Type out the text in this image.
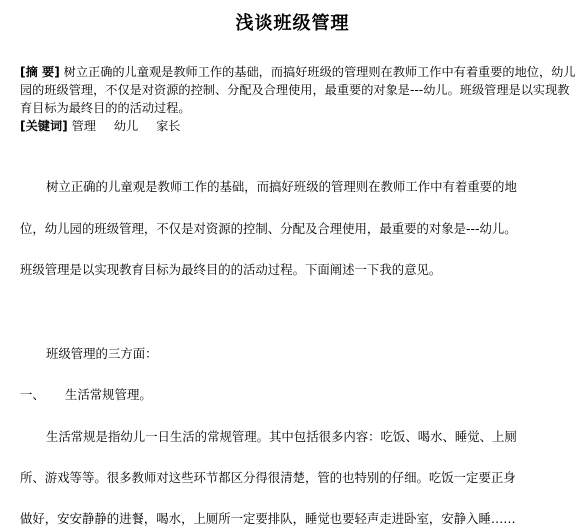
浅谈班级管理

[摘 要] 树立正确的儿童观是教师工作的基础，而搞好班级的管理则在教师工作中有着重要的地位，幼儿园的班级管理，不仅是对资源的控制、分配及合理使用，最重要的对象是---幼儿。班级管理是以实现教育目标为最终目的的活动过程。

[关键词] 管理 幼儿 家长

树立正确的儿童观是教师工作的基础，而搞好班级的管理则在教师工作中有着重要的地

位，幼儿园的班级管理，不仅是对资源的控制、分配及合理使用，最重要的对象是---幼儿。

班级管理是以实现教育目标为最终目的的活动过程。下面阐述一下我的意见。

班级管理的三方面：

一、 生活常规管理。

生活常规是指幼儿一日生活的常规管理。其中包括很多内容：吃饭、喝水、睡觉、上厕

所、游戏等等。很多教师对这些环节都区分得很清楚，管的也特别的仔细。吃饭一定要正身

做好，安安静静的进餐，喝水，上厕所一定要排队，睡觉也要轻声走进卧室，安静入睡……
